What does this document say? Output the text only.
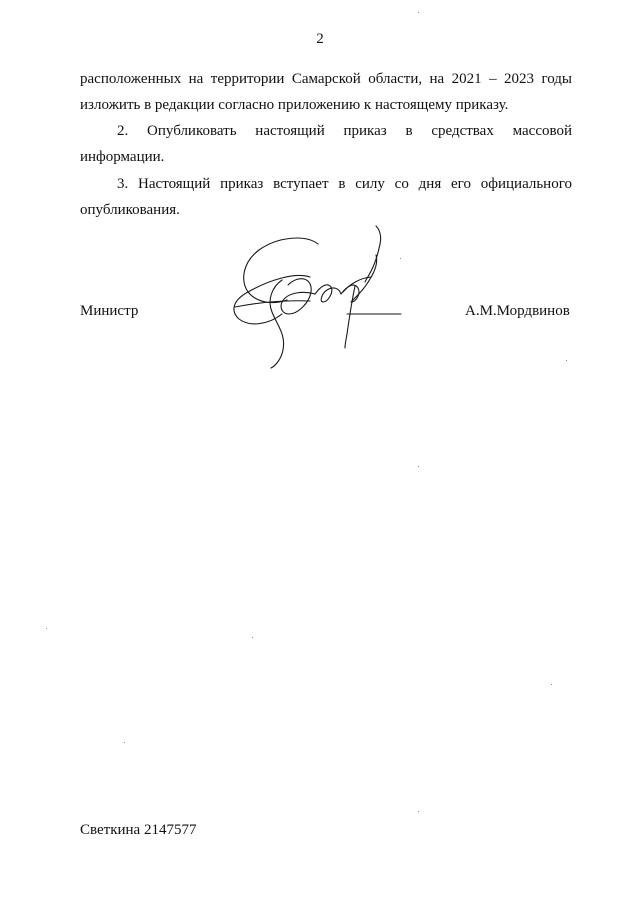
2
расположенных на территории Самарской области, на 2021 – 2023 годы
изложить в редакции согласно приложению к настоящему приказу.
2. Опубликовать настоящий приказ в средствах массовой
информации.
3. Настоящий приказ вступает в силу со дня его официального
опубликования.
Министр	А.М.Мордвинов
Светкина 2147577
